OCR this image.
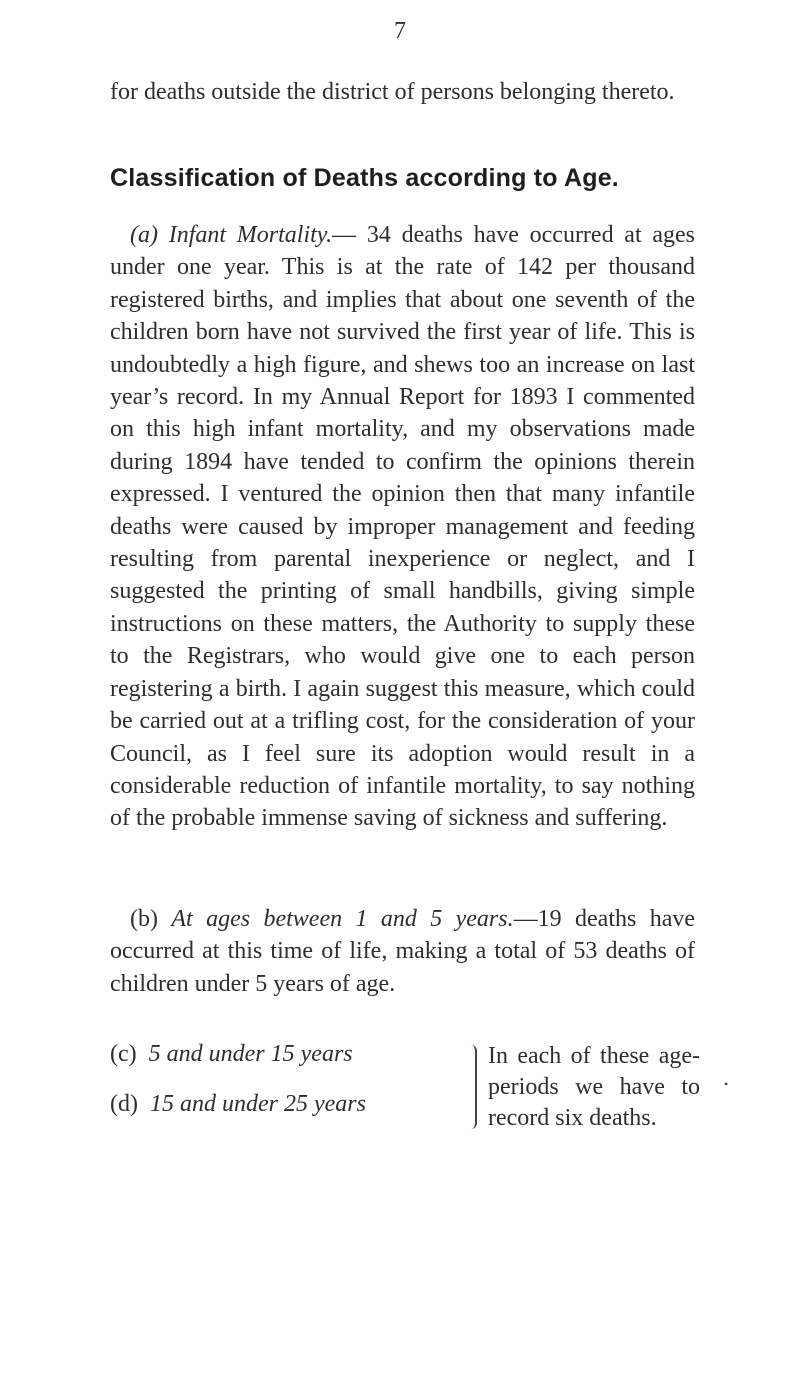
7
for deaths outside the district of persons belonging thereto.
Classification of Deaths according to Age.
(a) Infant Mortality.— 34 deaths have occurred at ages under one year. This is at the rate of 142 per thousand registered births, and implies that about one seventh of the children born have not survived the first year of life. This is undoubtedly a high figure, and shews too an increase on last year’s record. In my Annual Report for 1893 I commented on this high infant mortality, and my observations made during 1894 have tended to confirm the opinions therein expressed. I ventured the opinion then that many infantile deaths were caused by improper management and feeding resulting from parental inexperience or neglect, and I suggested the printing of small handbills, giving simple instructions on these matters, the Authority to supply these to the Registrars, who would give one to each person registering a birth. I again suggest this measure, which could be carried out at a trifling cost, for the consideration of your Council, as I feel sure its adoption would result in a considerable reduction of infantile mortality, to say nothing of the probable immense saving of sickness and suffering.
(b) At ages between 1 and 5 years.—19 deaths have occurred at this time of life, making a total of 53 deaths of children under 5 years of age.
(c) 5 and under 15 years
(d) 15 and under 25 years
In each of these age-periods we have to record six deaths.
•
